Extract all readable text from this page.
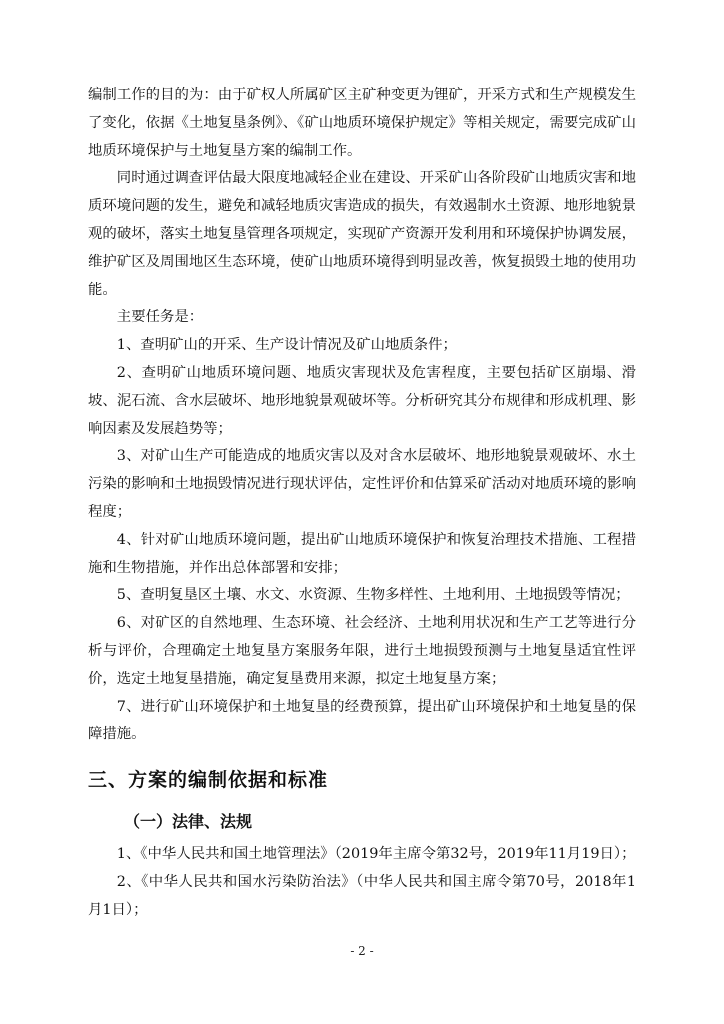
编制工作的目的为：由于矿权人所属矿区主矿种变更为锂矿，开采方式和生产规模发生了变化，依据《土地复垦条例》、《矿山地质环境保护规定》等相关规定，需要完成矿山地质环境保护与土地复垦方案的编制工作。

同时通过调查评估最大限度地减轻企业在建设、开采矿山各阶段矿山地质灾害和地质环境问题的发生，避免和减轻地质灾害造成的损失，有效遏制水土资源、地形地貌景观的破坏，落实土地复垦管理各项规定，实现矿产资源开发利用和环境保护协调发展，维护矿区及周围地区生态环境，使矿山地质环境得到明显改善，恢复损毁土地的使用功能。

主要任务是：

1、查明矿山的开采、生产设计情况及矿山地质条件；

2、查明矿山地质环境问题、地质灾害现状及危害程度，主要包括矿区崩塌、滑坡、泥石流、含水层破坏、地形地貌景观破坏等。分析研究其分布规律和形成机理、影响因素及发展趋势等；

3、对矿山生产可能造成的地质灾害以及对含水层破坏、地形地貌景观破坏、水土污染的影响和土地损毁情况进行现状评估，定性评价和估算采矿活动对地质环境的影响程度；

4、针对矿山地质环境问题，提出矿山地质环境保护和恢复治理技术措施、工程措施和生物措施，并作出总体部署和安排；

5、查明复垦区土壤、水文、水资源、生物多样性、土地利用、土地损毁等情况；

6、对矿区的自然地理、生态环境、社会经济、土地利用状况和生产工艺等进行分析与评价，合理确定土地复垦方案服务年限，进行土地损毁预测与土地复垦适宜性评价，选定土地复垦措施，确定复垦费用来源，拟定土地复垦方案；

7、进行矿山环境保护和土地复垦的经费预算，提出矿山环境保护和土地复垦的保障措施。

三、方案的编制依据和标准
（一）法律、法规

1、《中华人民共和国土地管理法》（2019年主席令第32号，2019年11月19日）；

2、《中华人民共和国水污染防治法》（中华人民共和国主席令第70号，2018年1月1日）；

- 2 -
